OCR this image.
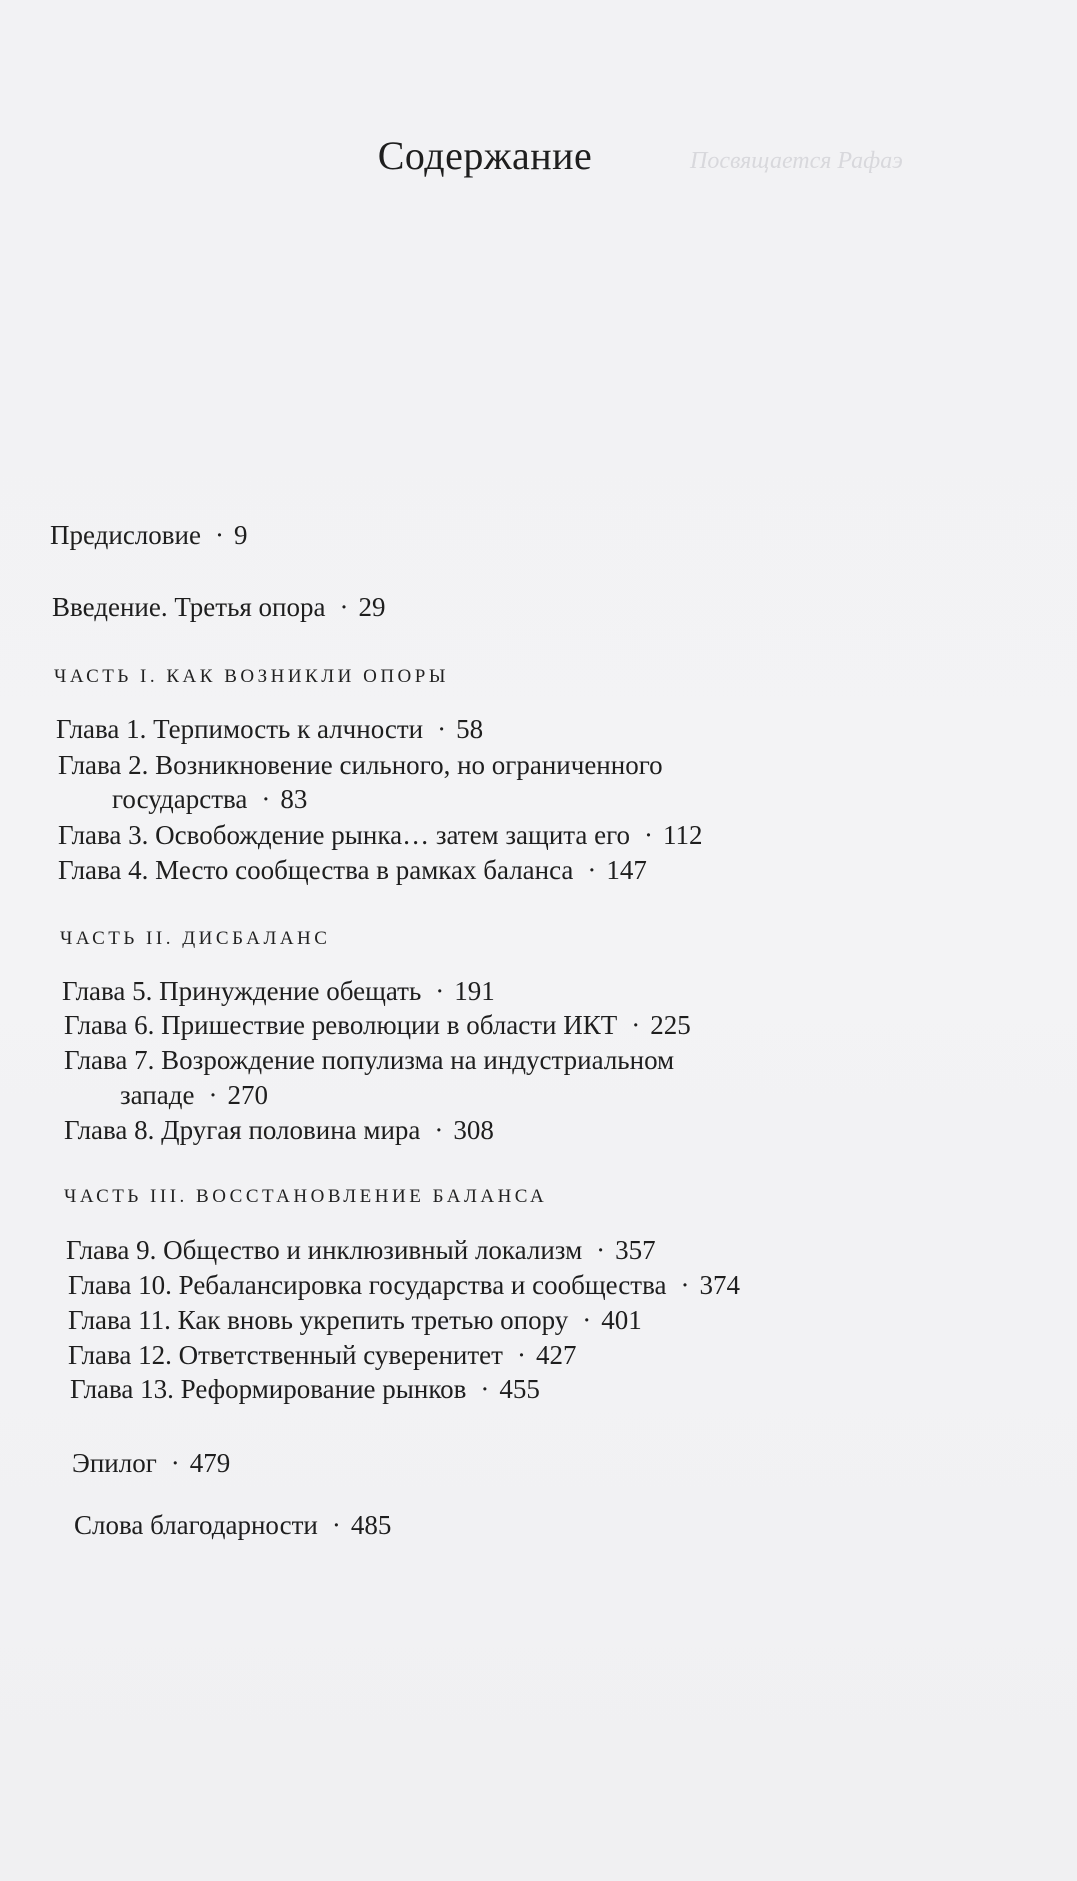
Содержание	Посвящается Рафаэ
Предисловие · 9
Введение. Третья опора · 29
ЧАСТЬ I. КАК ВОЗНИКЛИ ОПОРЫ
Глава 1. Терпимость к алчности · 58
Глава 2. Возникновение сильного, но ограниченного
государства · 83
Глава 3. Освобождение рынка… затем защита его · 112
Глава 4. Место сообщества в рамках баланса · 147
ЧАСТЬ II. ДИСБАЛАНС
Глава 5. Принуждение обещать · 191
Глава 6. Пришествие революции в области ИКТ · 225
Глава 7. Возрождение популизма на индустриальном
западе · 270
Глава 8. Другая половина мира · 308
ЧАСТЬ III. ВОССТАНОВЛЕНИЕ БАЛАНСА
Глава 9. Общество и инклюзивный локализм · 357
Глава 10. Ребалансировка государства и сообщества · 374
Глава 11. Как вновь укрепить третью опору · 401
Глава 12. Ответственный суверенитет · 427
Глава 13. Реформирование рынков · 455
Эпилог · 479
Слова благодарности · 485
